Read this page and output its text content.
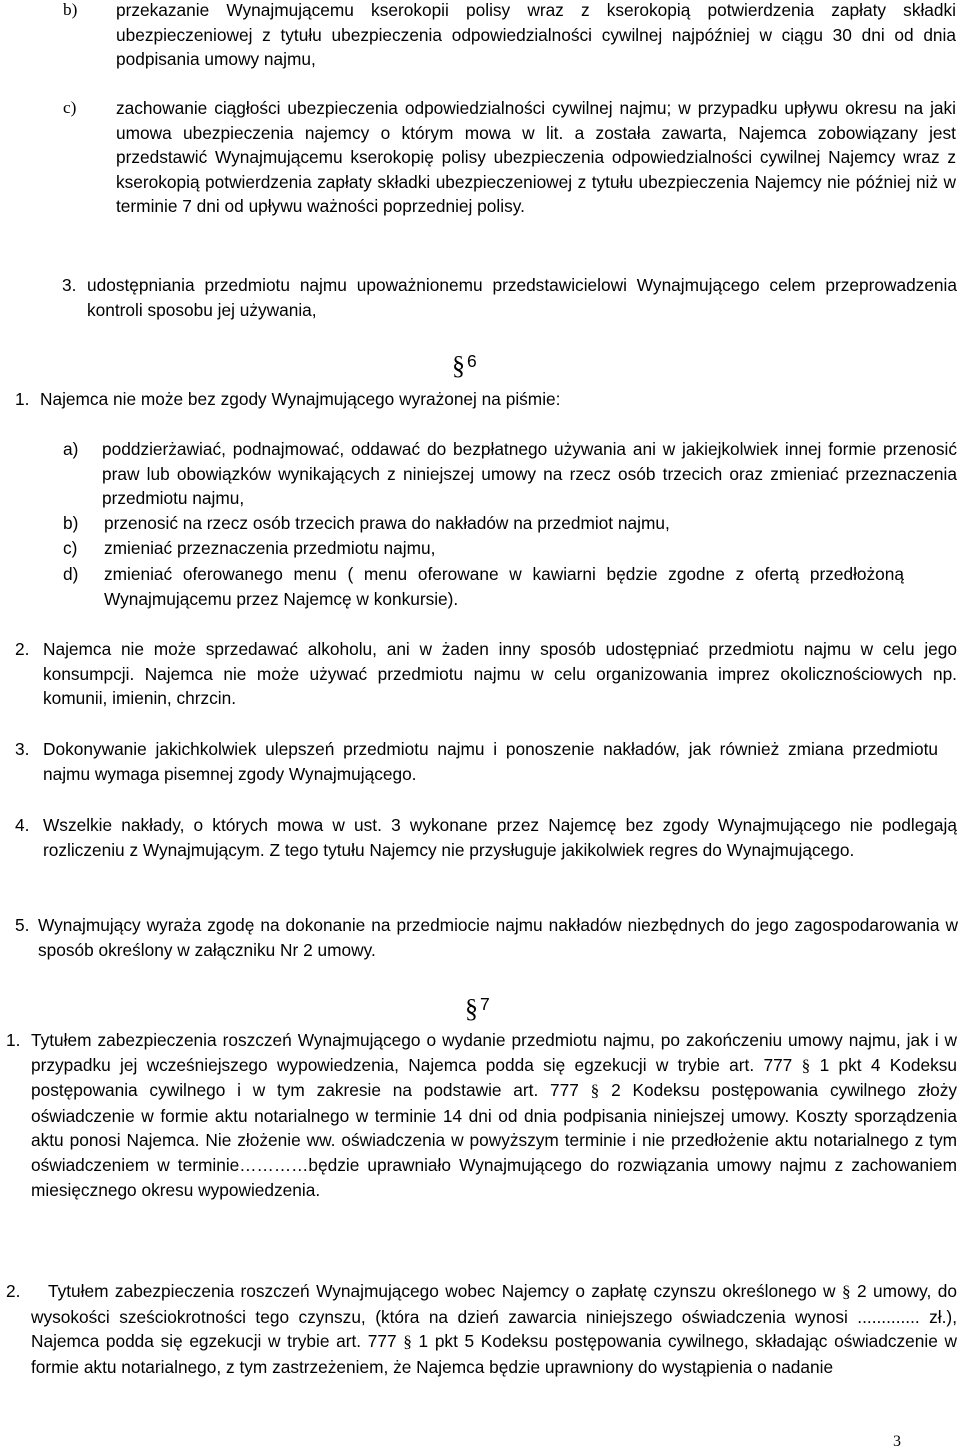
b) przekazanie Wynajmującemu kserokopii polisy wraz z kserokopią potwierdzenia zapłaty składki ubezpieczeniowej z tytułu ubezpieczenia odpowiedzialności cywilnej najpóźniej w ciągu 30 dni od dnia podpisania umowy najmu,

c) zachowanie ciągłości ubezpieczenia odpowiedzialności cywilnej najmu; w przypadku upływu okresu na jaki umowa ubezpieczenia najemcy o którym mowa w lit. a została zawarta, Najemca zobowiązany jest przedstawić Wynajmującemu kserokopię polisy ubezpieczenia odpowiedzialności cywilnej Najemcy wraz z kserokopią potwierdzenia zapłaty składki ubezpieczeniowej z tytułu ubezpieczenia Najemcy nie później niż w terminie 7 dni od upływu ważności poprzedniej polisy.

3. udostępniania przedmiotu najmu upoważnionemu przedstawicielowi Wynajmującego celem przeprowadzenia kontroli sposobu jej używania,

§ 6
1. Najemca nie może bez zgody Wynajmującego wyrażonej na piśmie:

a) poddzierżawiać, podnajmować, oddawać do bezpłatnego używania ani w jakiejkolwiek innej formie przenosić praw lub obowiązków wynikających z niniejszej umowy na rzecz osób trzecich oraz zmieniać przeznaczenia przedmiotu najmu,

b) przenosić na rzecz osób trzecich prawa do nakładów na przedmiot najmu,

c) zmieniać przeznaczenia przedmiotu najmu,

d) zmieniać oferowanego menu ( menu oferowane w kawiarni będzie zgodne z ofertą przedłożoną Wynajmującemu przez Najemcę w konkursie).

2. Najemca nie może sprzedawać alkoholu, ani w żaden inny sposób udostępniać przedmiotu najmu w celu jego konsumpcji. Najemca nie może używać przedmiotu najmu w celu organizowania imprez okolicznościowych np. komunii, imienin, chrzcin.

3. Dokonywanie jakichkolwiek ulepszeń przedmiotu najmu i ponoszenie nakładów, jak również zmiana przedmiotu najmu wymaga pisemnej zgody Wynajmującego.

4. Wszelkie nakłady, o których mowa w ust. 3 wykonane przez Najemcę bez zgody Wynajmującego nie podlegają rozliczeniu z Wynajmującym. Z tego tytułu Najemcy nie przysługuje jakikolwiek regres do Wynajmującego.

5. Wynajmujący wyraża zgodę na dokonanie na przedmiocie najmu nakładów niezbędnych do jego zagospodarowania w sposób określony w załączniku Nr 2 umowy.

§ 7
1. Tytułem zabezpieczenia roszczeń Wynajmującego o wydanie przedmiotu najmu, po zakończeniu umowy najmu, jak i w przypadku jej wcześniejszego wypowiedzenia, Najemca podda się egzekucji w trybie art. 777 § 1 pkt 4 Kodeksu postępowania cywilnego i w tym zakresie na podstawie art. 777 § 2 Kodeksu postępowania cywilnego złoży oświadczenie w formie aktu notarialnego w terminie 14 dni od dnia podpisania niniejszej umowy. Koszty sporządzenia aktu ponosi Najemca. Nie złożenie ww. oświadczenia w powyższym terminie i nie przedłożenie aktu notarialnego z tym oświadczeniem w terminie…………będzie uprawniało Wynajmującego do rozwiązania umowy najmu z zachowaniem miesięcznego okresu wypowiedzenia.

2.	Tytułem zabezpieczenia roszczeń Wynajmującego wobec Najemcy o zapłatę czynszu określonego w § 2 umowy, do wysokości sześciokrotności tego czynszu, (która na dzień zawarcia niniejszego oświadczenia wynosi ............. zł.), Najemca podda się egzekucji w trybie art. 777 § 1 pkt 5 Kodeksu postępowania cywilnego, składając oświadczenie w formie aktu notarialnego, z tym zastrzeżeniem, że Najemca będzie uprawniony do wystąpienia o nadanie

3
